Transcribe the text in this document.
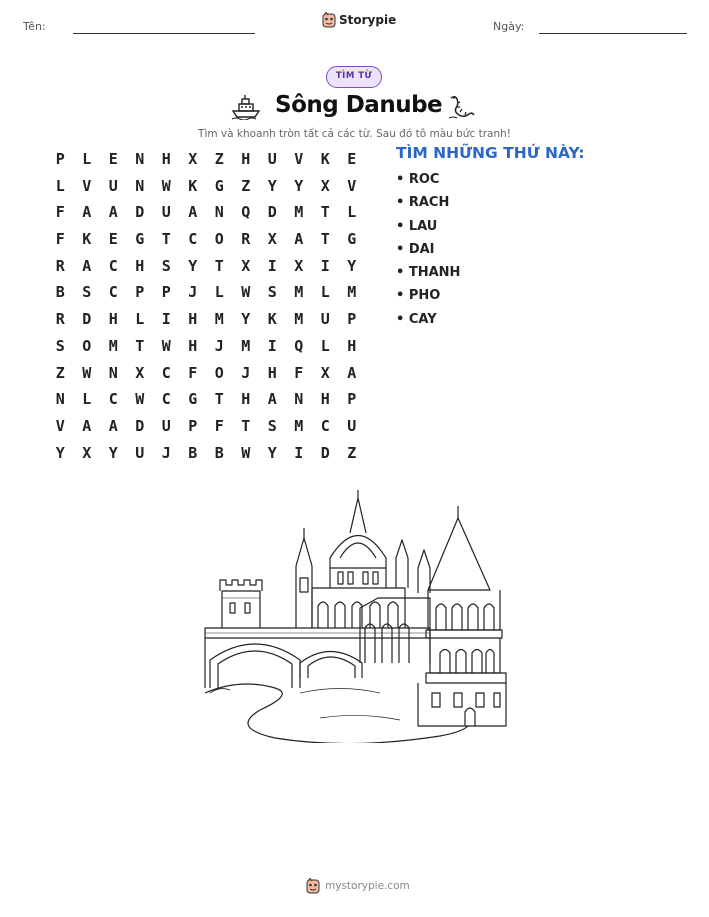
Tên:	Storypie	Ngày:
TÌM TỪ
Sông Danube
Tìm và khoanh tròn tất cả các từ. Sau đó tô màu bức tranh!
P	L	E	N	H	X	Z	H	U	V	K	E
L	V	U	N	W	K	G	Z	Y	Y	X	V
F	A	A	D	U	A	N	Q	D	M	T	L
F	K	E	G	T	C	O	R	X	A	T	G
R	A	C	H	S	Y	T	X	I	X	I	Y
B	S	C	P	P	J	L	W	S	M	L	M
R	D	H	L	I	H	M	Y	K	M	U	P
S	O	M	T	W	H	J	M	I	Q	L	H
Z	W	N	X	C	F	O	J	H	F	X	A
N	L	C	W	C	G	T	H	A	N	H	P
V	A	A	D	U	P	F	T	S	M	C	U
Y	X	Y	U	J	B	B	W	Y	I	D	Z
TÌM NHỮNG THỨ NÀY:
• ROC
• RACH
• LAU
• DAI
• THANH
• PHO
• CAY
mystorypie.com
